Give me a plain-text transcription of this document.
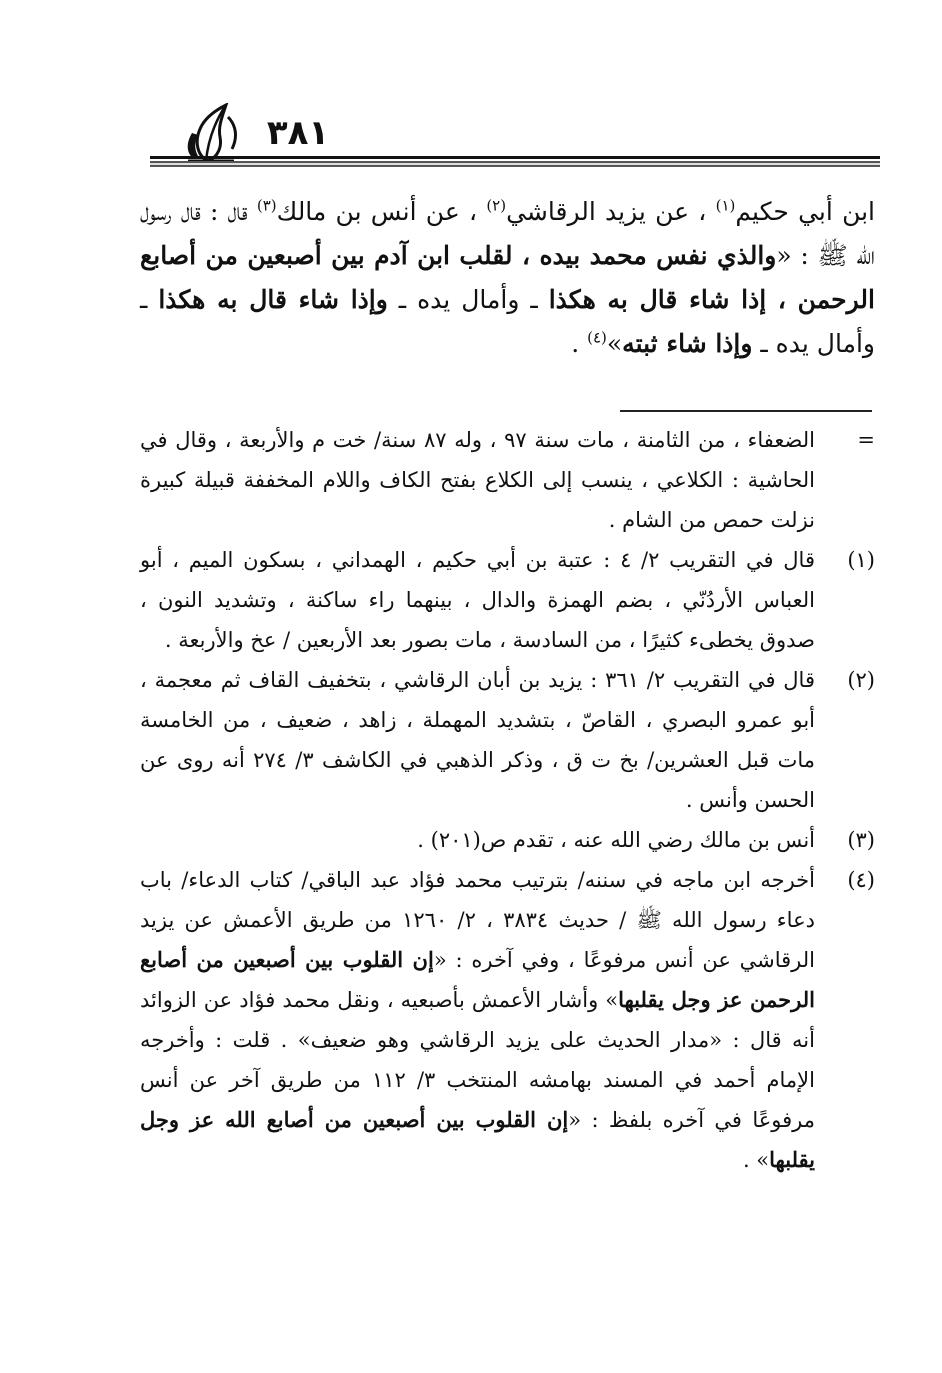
٣٨١

ابن أبي حكيم$^{(١)}$ ، عن يزيد الرقاشي$^{(٢)}$ ، عن أنس بن مالك$^{(٣)}$ قال : قال رسول الله ﷺ : «والذي نفس محمد بيده ، لقلب ابن آدم بين أصبعين من أصابع الرحمن ، إذا شاء قال به هكذا ـ وأمال يده ـ وإذا شاء قال به هكذا ـ وأمال يده ـ وإذا شاء ثبته»$^{(٤)}$ .

=
الضعفاء ، من الثامنة ، مات سنة ٩٧ ، وله ٨٧ سنة/ خت م والأربعة ، وقال في الحاشية : الكلاعي ، ينسب إلى الكلاع بفتح الكاف واللام المخففة قبيلة كبيرة نزلت حمص من الشام .

(١)
قال في التقريب ٢/ ٤ : عتبة بن أبي حكيم ، الهمداني ، بسكون الميم ، أبو العباس الأردُنّي ، بضم الهمزة والدال ، بينهما راء ساكنة ، وتشديد النون ، صدوق يخطىء كثيرًا ، من السادسة ، مات بصور بعد الأربعين / عخ والأربعة .

(٢)
قال في التقريب ٢/ ٣٦١ : يزيد بن أبان الرقاشي ، بتخفيف القاف ثم معجمة ، أبو عمرو البصري ، القاصّ ، بتشديد المهملة ، زاهد ، ضعيف ، من الخامسة مات قبل العشرين/ بخ ت ق ، وذكر الذهبي في الكاشف ٣/ ٢٧٤ أنه روى عن الحسن وأنس .

(٣)
أنس بن مالك رضي الله عنه ، تقدم ص(٢٠١) .

(٤)
أخرجه ابن ماجه في سننه/ بترتيب محمد فؤاد عبد الباقي/ كتاب الدعاء/ باب دعاء رسول الله ﷺ / حديث ٣٨٣٤ ، ٢/ ١٢٦٠ من طريق الأعمش عن يزيد الرقاشي عن أنس مرفوعًا ، وفي آخره : «إن القلوب بين أصبعين من أصابع الرحمن عز وجل يقلبها» وأشار الأعمش بأصبعيه ، ونقل محمد فؤاد عن الزوائد أنه قال : «مدار الحديث على يزيد الرقاشي وهو ضعيف» . قلت : وأخرجه الإمام أحمد في المسند بهامشه المنتخب ٣/ ١١٢ من طريق آخر عن أنس مرفوعًا في آخره بلفظ : «إن القلوب بين أصبعين من أصابع الله عز وجل يقلبها» .
